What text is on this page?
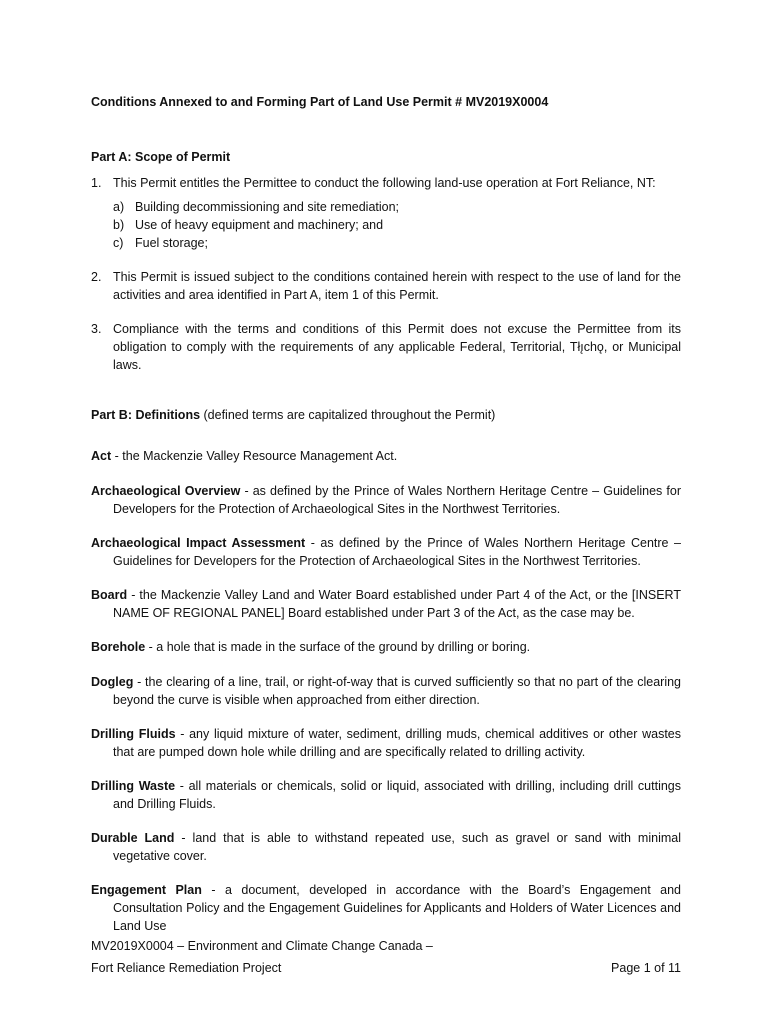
Conditions Annexed to and Forming Part of Land Use Permit # MV2019X0004
Part A: Scope of Permit
1. This Permit entitles the Permittee to conduct the following land-use operation at Fort Reliance, NT:
2. This Permit is issued subject to the conditions contained herein with respect to the use of land for the activities and area identified in Part A, item 1 of this Permit.
3. Compliance with the terms and conditions of this Permit does not excuse the Permittee from its obligation to comply with the requirements of any applicable Federal, Territorial, Tłı̨chǫ, or Municipal laws.
a) Building decommissioning and site remediation;
b) Use of heavy equipment and machinery; and
c) Fuel storage;
Part B: Definitions (defined terms are capitalized throughout the Permit)
Act - the Mackenzie Valley Resource Management Act.
Archaeological Overview - as defined by the Prince of Wales Northern Heritage Centre – Guidelines for Developers for the Protection of Archaeological Sites in the Northwest Territories.
Archaeological Impact Assessment - as defined by the Prince of Wales Northern Heritage Centre – Guidelines for Developers for the Protection of Archaeological Sites in the Northwest Territories.
Board - the Mackenzie Valley Land and Water Board established under Part 4 of the Act, or the [INSERT NAME OF REGIONAL PANEL] Board established under Part 3 of the Act, as the case may be.
Borehole - a hole that is made in the surface of the ground by drilling or boring.
Dogleg - the clearing of a line, trail, or right-of-way that is curved sufficiently so that no part of the clearing beyond the curve is visible when approached from either direction.
Drilling Fluids - any liquid mixture of water, sediment, drilling muds, chemical additives or other wastes that are pumped down hole while drilling and are specifically related to drilling activity.
Drilling Waste - all materials or chemicals, solid or liquid, associated with drilling, including drill cuttings and Drilling Fluids.
Durable Land - land that is able to withstand repeated use, such as gravel or sand with minimal vegetative cover.
Engagement Plan - a document, developed in accordance with the Board’s Engagement and Consultation Policy and the Engagement Guidelines for Applicants and Holders of Water Licences and Land Use
MV2019X0004 – Environment and Climate Change Canada –
Fort Reliance Remediation Project	Page 1 of 11
